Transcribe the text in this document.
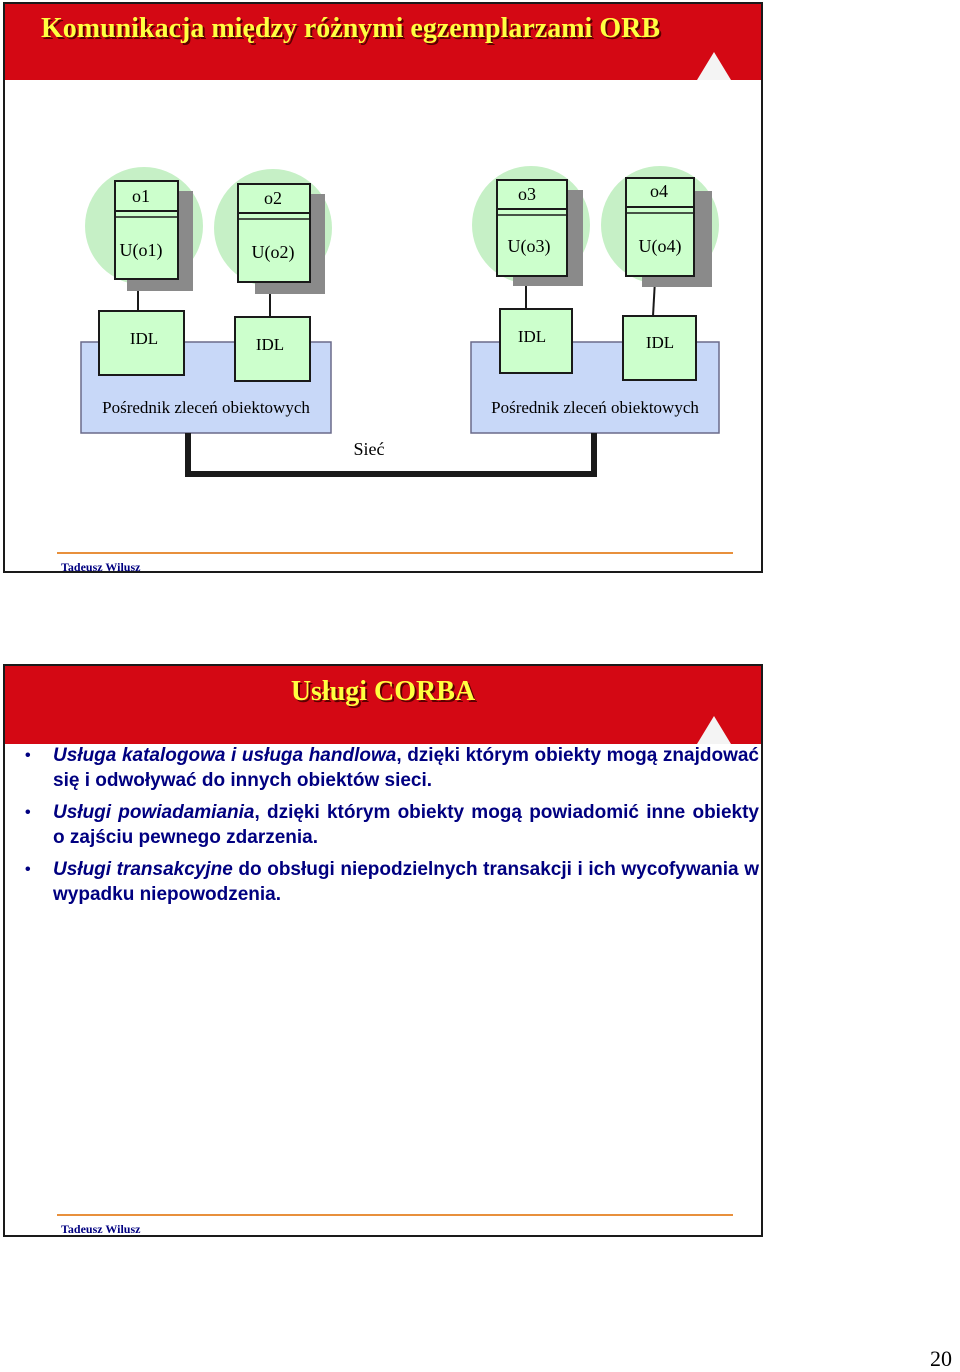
Komunikacja między różnymi egzemplarzami ORB
Pośrednik zleceń obiektowych	Pośrednik zleceń obiektowych
IDL	IDL	IDL	IDL
o1
U(o1)
o2
U(o2)
o3
U(o3)
o4
U(o4)
Sieć
Tadeusz Wilusz
Usługi CORBA
• Usługa katalogowa i usługa handlowa, dzięki którym obiekty mogą znajdować się i odwoływać do innych obiektów sieci.
• Usługi powiadamiania, dzięki którym obiekty mogą powiadomić inne obiekty o zajściu pewnego zdarzenia.
• Usługi transakcyjne do obsługi niepodzielnych transakcji i ich wycofywania w wypadku niepowodzenia.
Tadeusz Wilusz
20
